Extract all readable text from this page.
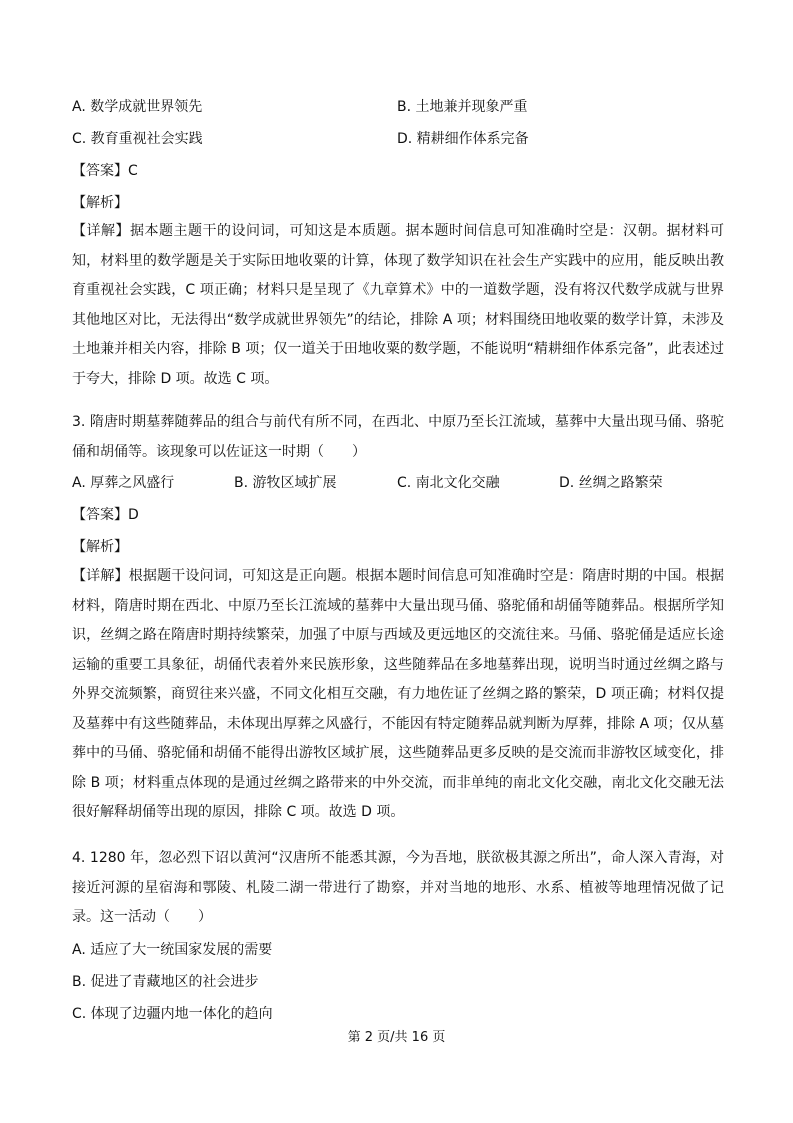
A. 数学成就世界领先	B. 土地兼并现象严重
C. 教育重视社会实践	D. 精耕细作体系完备
【答案】C
【解析】
【详解】据本题主题干的设问词，可知这是本质题。据本题时间信息可知准确时空是：汉朝。据材料可知，材料里的数学题是关于实际田地收粟的计算，体现了数学知识在社会生产实践中的应用，能反映出教育重视社会实践，C 项正确；材料只是呈现了《九章算术》中的一道数学题，没有将汉代数学成就与世界其他地区对比，无法得出“数学成就世界领先”的结论，排除 A 项；材料围绕田地收粟的数学计算，未涉及土地兼并相关内容，排除 B 项；仅一道关于田地收粟的数学题，不能说明“精耕细作体系完备”，此表述过于夸大，排除 D 项。故选 C 项。
3. 隋唐时期墓葬随葬品的组合与前代有所不同，在西北、中原乃至长江流域，墓葬中大量出现马俑、骆驼俑和胡俑等。该现象可以佐证这一时期（　　）
A. 厚葬之风盛行	B. 游牧区域扩展	C. 南北文化交融	D. 丝绸之路繁荣
【答案】D
【解析】
【详解】根据题干设问词，可知这是正向题。根据本题时间信息可知准确时空是：隋唐时期的中国。根据材料，隋唐时期在西北、中原乃至长江流域的墓葬中大量出现马俑、骆驼俑和胡俑等随葬品。根据所学知识，丝绸之路在隋唐时期持续繁荣，加强了中原与西域及更远地区的交流往来。马俑、骆驼俑是适应长途运输的重要工具象征，胡俑代表着外来民族形象，这些随葬品在多地墓葬出现，说明当时通过丝绸之路与外界交流频繁，商贸往来兴盛，不同文化相互交融，有力地佐证了丝绸之路的繁荣，D 项正确；材料仅提及墓葬中有这些随葬品，未体现出厚葬之风盛行，不能因有特定随葬品就判断为厚葬，排除 A 项；仅从墓葬中的马俑、骆驼俑和胡俑不能得出游牧区域扩展，这些随葬品更多反映的是交流而非游牧区域变化，排除 B 项；材料重点体现的是通过丝绸之路带来的中外交流，而非单纯的南北文化交融，南北文化交融无法很好解释胡俑等出现的原因，排除 C 项。故选 D 项。
4. 1280 年，忽必烈下诏以黄河“汉唐所不能悉其源，今为吾地，朕欲极其源之所出”，命人深入青海，对接近河源的星宿海和鄂陵、札陵二湖一带进行了勘察，并对当地的地形、水系、植被等地理情况做了记录。这一活动（　　）
A. 适应了大一统国家发展的需要
B. 促进了青藏地区的社会进步
C. 体现了边疆内地一体化的趋向
第 2 页/共 16 页
